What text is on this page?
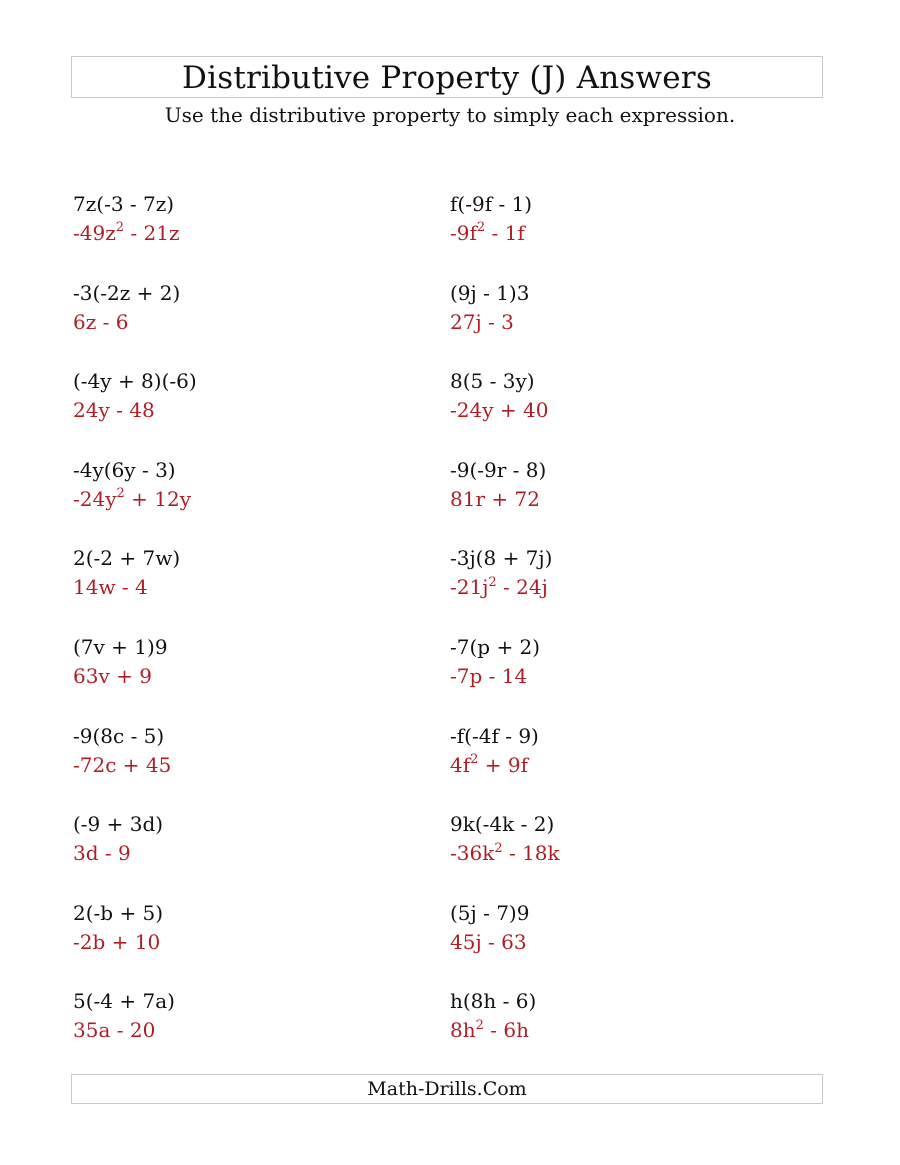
Distributive Property (J) Answers
Use the distributive property to simply each expression.
7z(-3 - 7z)
$-49z^2 - 21z$
f(-9f - 1)
$-9f^2 - 1f$
-3(-2z + 2)
6z - 6
(9j - 1)3
27j - 3
(-4y + 8)(-6)
24y - 48
8(5 - 3y)
-24y + 40
-4y(6y - 3)
$-24y^2 + 12y$
-9(-9r - 8)
81r + 72
2(-2 + 7w)
14w - 4
-3j(8 + 7j)
$-21j^2 - 24j$
(7v + 1)9
63v + 9
-7(p + 2)
-7p - 14
-9(8c - 5)
-72c + 45
-f(-4f - 9)
$4f^2 + 9f$
(-9 + 3d)
3d - 9
9k(-4k - 2)
$-36k^2 - 18k$
2(-b + 5)
-2b + 10
(5j - 7)9
45j - 63
5(-4 + 7a)
35a - 20
h(8h - 6)
$8h^2 - 6h$
Math-Drills.Com
